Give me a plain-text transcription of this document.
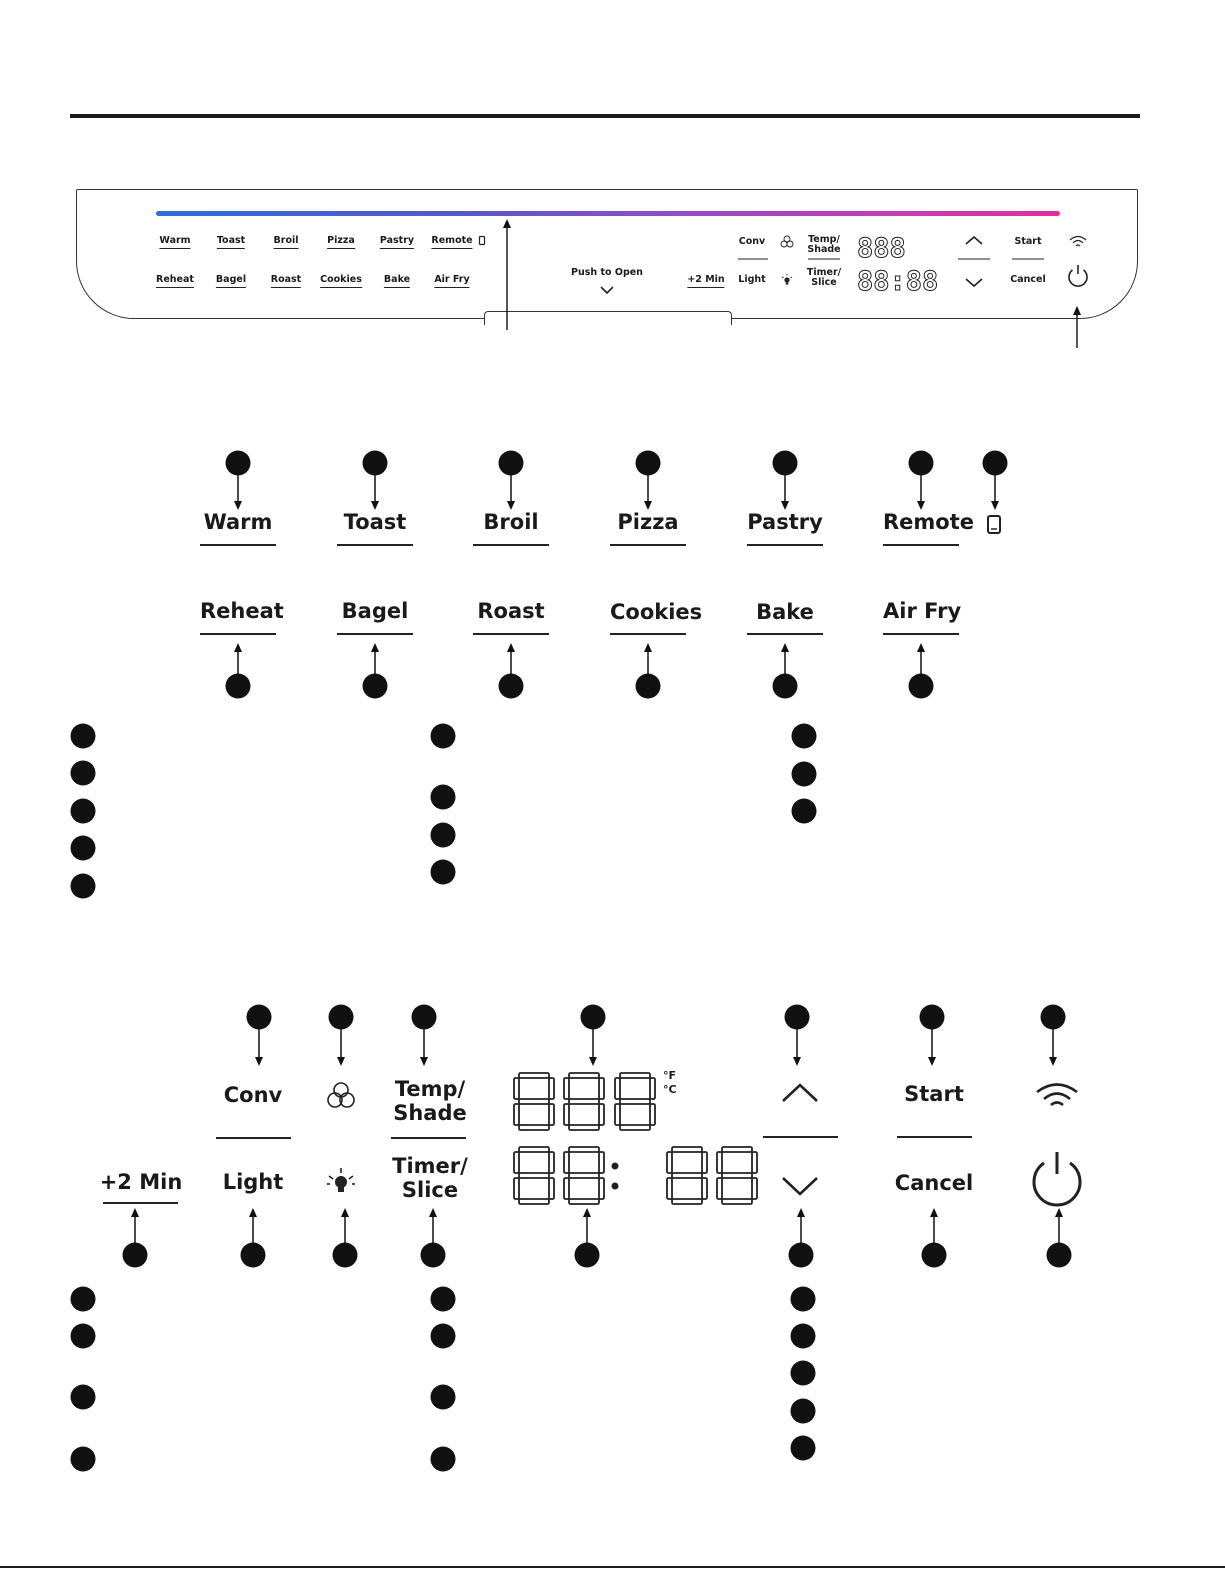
Warm	Toast	Broil	Pizza	Pastry Remote
Reheat Bagel	Roast Cookies Bake	Air Fry
Push to Open
+2 Min
Conv
Light
Temp/
Shade
Timer/
Slice
Start
Cancel
888
88:88
Warm	Toast	Broil	Pizza	Pastry	Remote
Reheat	Bagel	Roast	Cookies	Bake	Air Fry
Conv	Temp/
Shade
+2 Min Light
Timer/
Slice
Start
Cancel
°F
°C
